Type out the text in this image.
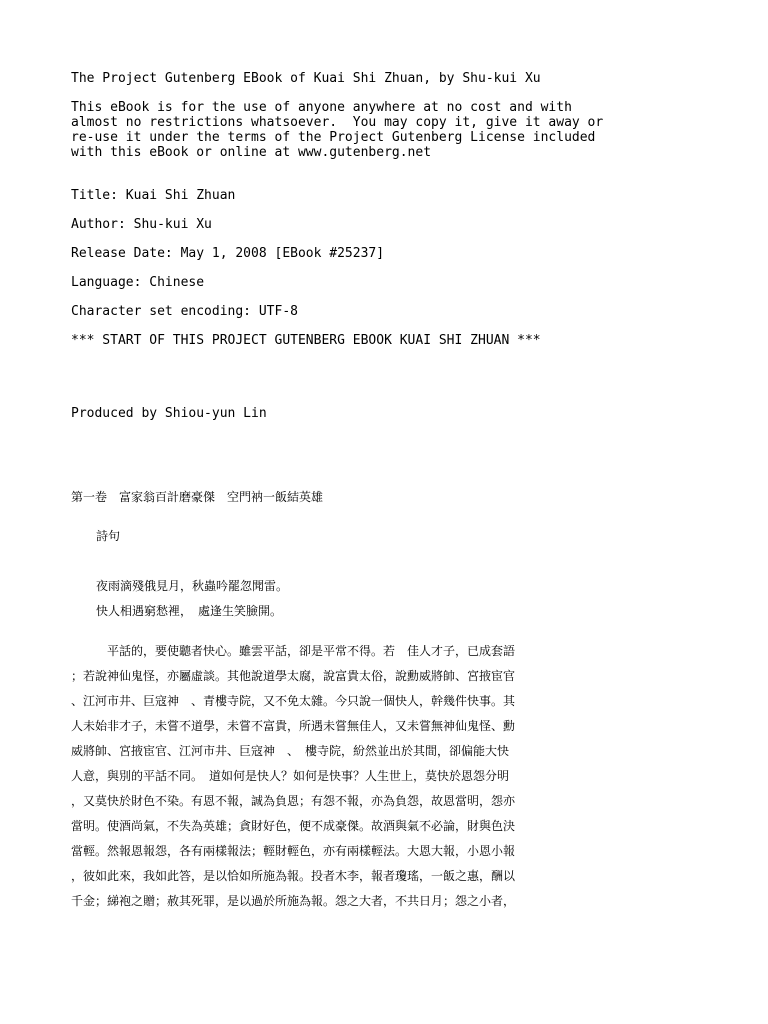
The Project Gutenberg EBook of Kuai Shi Zhuan, by Shu-kui Xu

This eBook is for the use of anyone anywhere at no cost and with

almost no restrictions whatsoever.  You may copy it, give it away or

re-use it under the terms of the Project Gutenberg License included

with this eBook or online at www.gutenberg.net

Title: Kuai Shi Zhuan

Author: Shu-kui Xu

Release Date: May 1, 2008 [EBook #25237]

Language: Chinese

Character set encoding: UTF-8

*** START OF THIS PROJECT GUTENBERG EBOOK KUAI SHI ZHUAN ***

Produced by Shiou-yun Lin

第一卷　富家翁百計磨豪傑　空門衲一飯結英雄

詩句

夜雨滴殘俄見月，秋蟲吟罷忽聞雷。

快人相遇窮愁裡，　處逢生笑臉開。

平話的，要使聽者快心。雖雲平話，卻是平常不得。若　佳人才子，已成套語

；若說神仙鬼怪，亦屬虛談。其他說道學太腐，說富貴太俗，說勳威將帥、宮掖宦官

、江河市井、巨寇神　、青樓寺院，又不免太雜。今只說一個快人，幹幾件快事。其

人未始非才子，未嘗不道學，未嘗不富貴，所遇未嘗無佳人，又未嘗無神仙鬼怪、勳

威將帥、宮掖宦官、江河市井、巨寇神　、　樓寺院，紛然並出於其間，卻偏能大快

人意，與別的平話不同。　道如何是快人？如何是快事？人生世上，莫快於恩怨分明

，又莫快於財色不染。有恩不報，誠為負恩；有怨不報，亦為負怨，故恩當明，怨亦

當明。使酒尚氣，不失為英雄；貪財好色，便不成豪傑。故酒與氣不必論，財與色決

當輕。然報恩報怨，各有兩樣報法；輕財輕色，亦有兩樣輕法。大恩大報，小恩小報

，彼如此來，我如此答，是以恰如所施為報。投者木李，報者瓊瑤，一飯之惠，酬以

千金；綈袍之贈；赦其死罪，是以過於所施為報。怨之大者，不共日月；怨之小者，
